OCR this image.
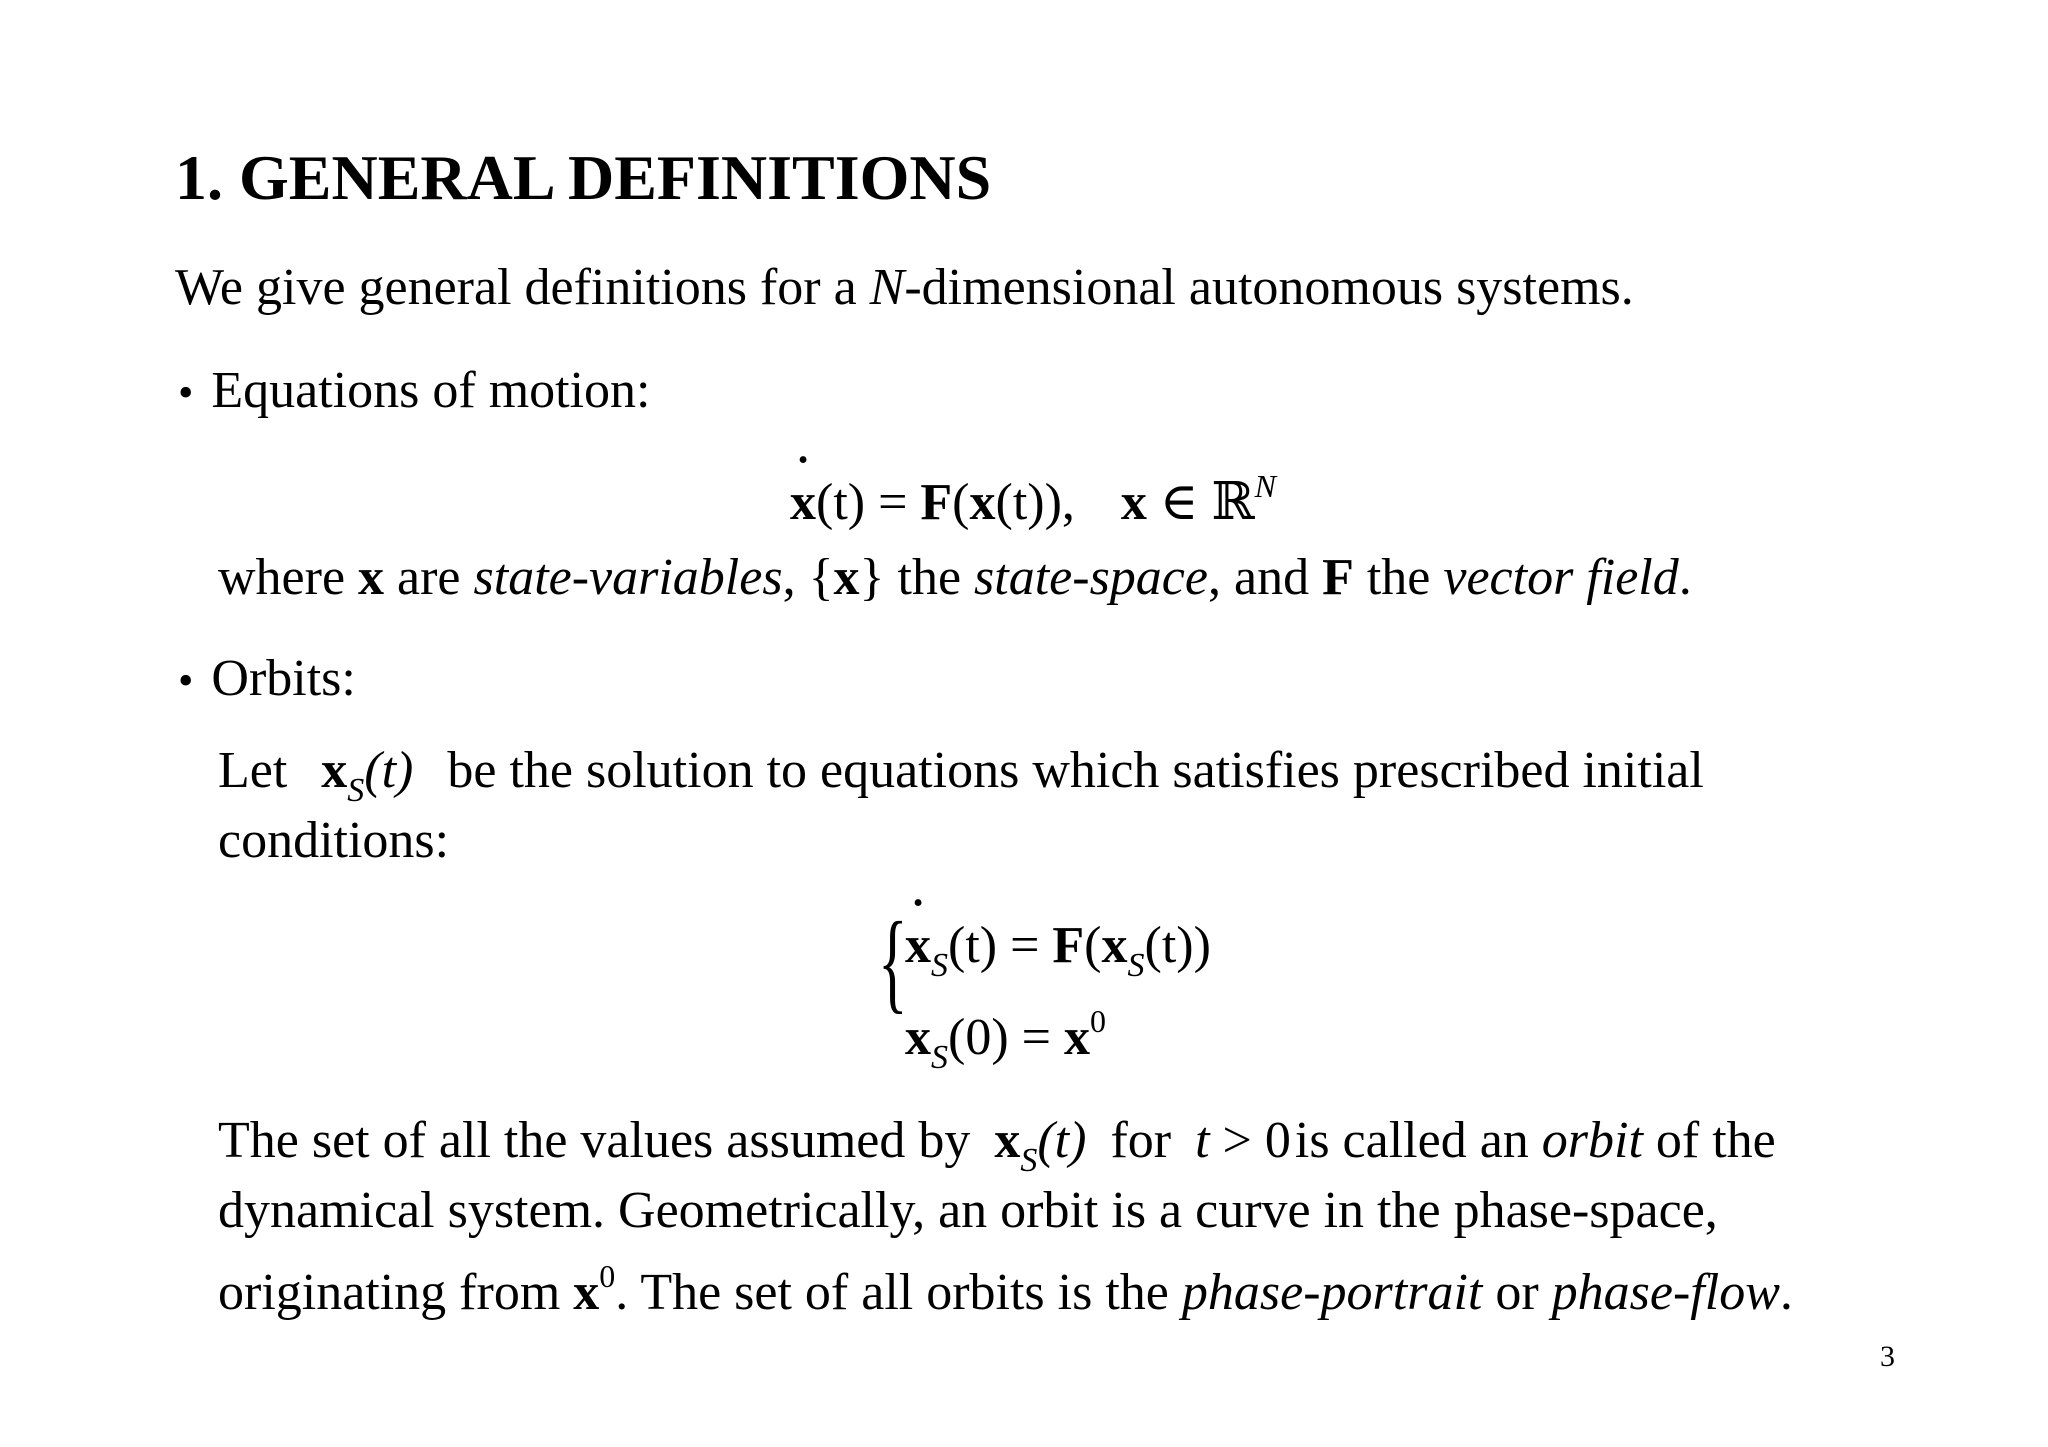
1. GENERAL DEFINITIONS
We give general definitions for a N-dimensional autonomous systems.
• Equations of motion:
x ˙(t) = F(x(t)), x ∈ ℝ$^N$
where x are state-variables, {x} the state-space, and F the vector field.
• Orbits:
Let $x_S(t)$ be the solution to equations which satisfies prescribed initial
conditions:
{
x $˙_S(t) = F(x_S(t))$
$x_S(0) = x^0$
The set of all the values assumed by $x_S(t)$ for t > 0is called an orbit of the
dynamical system. Geometrically, an orbit is a curve in the phase-space,
originating from $x^0$. The set of all orbits is the phase-portrait or phase-flow.
3
